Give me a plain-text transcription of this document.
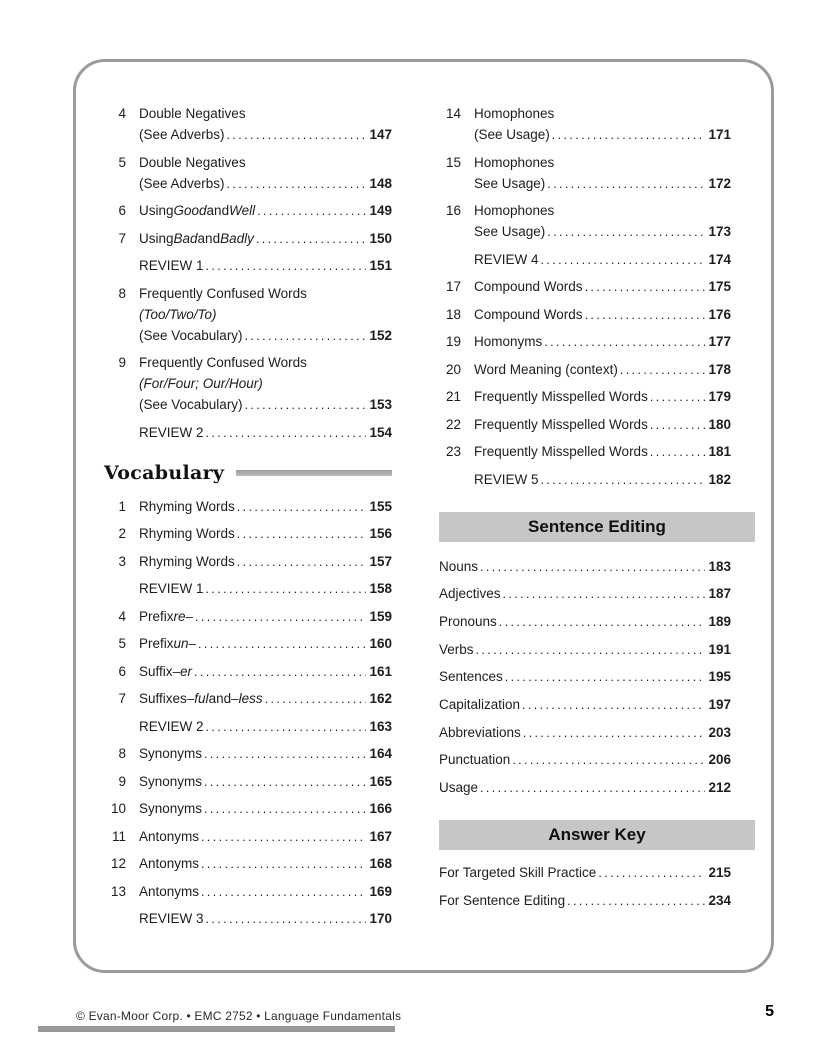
4 Double Negatives
(See Adverbs) .....	147
5 Double Negatives
(See Adverbs) .....	148
6 Using Good and Well .....	149
7 Using Bad and Badly .....	150
REVIEW 1 .....	151
8 Frequently Confused Words
(Too/Two/To)
(See Vocabulary) .....	152
9 Frequently Confused Words
(For/Four; Our/Hour)
(See Vocabulary) .....	153
REVIEW 2 .....	154
Vocabulary
1 Rhyming Words .....	155
2 Rhyming Words .....	156
3 Rhyming Words .....	157
REVIEW 1 .....	158
4 Prefix re– .....	159
5 Prefix un– .....	160
6 Suffix –er .....	161
7 Suffixes –ful and –less .....	162
REVIEW 2 .....	163
8 Synonyms .....	164
9 Synonyms .....	165
10 Synonyms .....	166
11 Antonyms .....	167
12 Antonyms .....	168
13 Antonyms .....	169
REVIEW 3 .....	170
14 Homophones
(See Usage) .....	171
15 Homophones
See Usage) .....	172
16 Homophones
See Usage) .....	173
REVIEW 4 .....	174
17 Compound Words .....	175
18 Compound Words .....	176
19 Homonyms .....	177
20 Word Meaning (context) .....	178
21 Frequently Misspelled Words .....	179
22 Frequently Misspelled Words .....	180
23 Frequently Misspelled Words .....	181
REVIEW 5 .....	182
Sentence Editing
Nouns .....	183
Adjectives .....	187
Pronouns .....	189
Verbs .....	191
Sentences .....	195
Capitalization .....	197
Abbreviations .....	203
Punctuation .....	206
Usage .....	212
Answer Key
For Targeted Skill Practice .....	215
For Sentence Editing .....	234
© Evan-Moor Corp. • EMC 2752 • Language Fundamentals	5
